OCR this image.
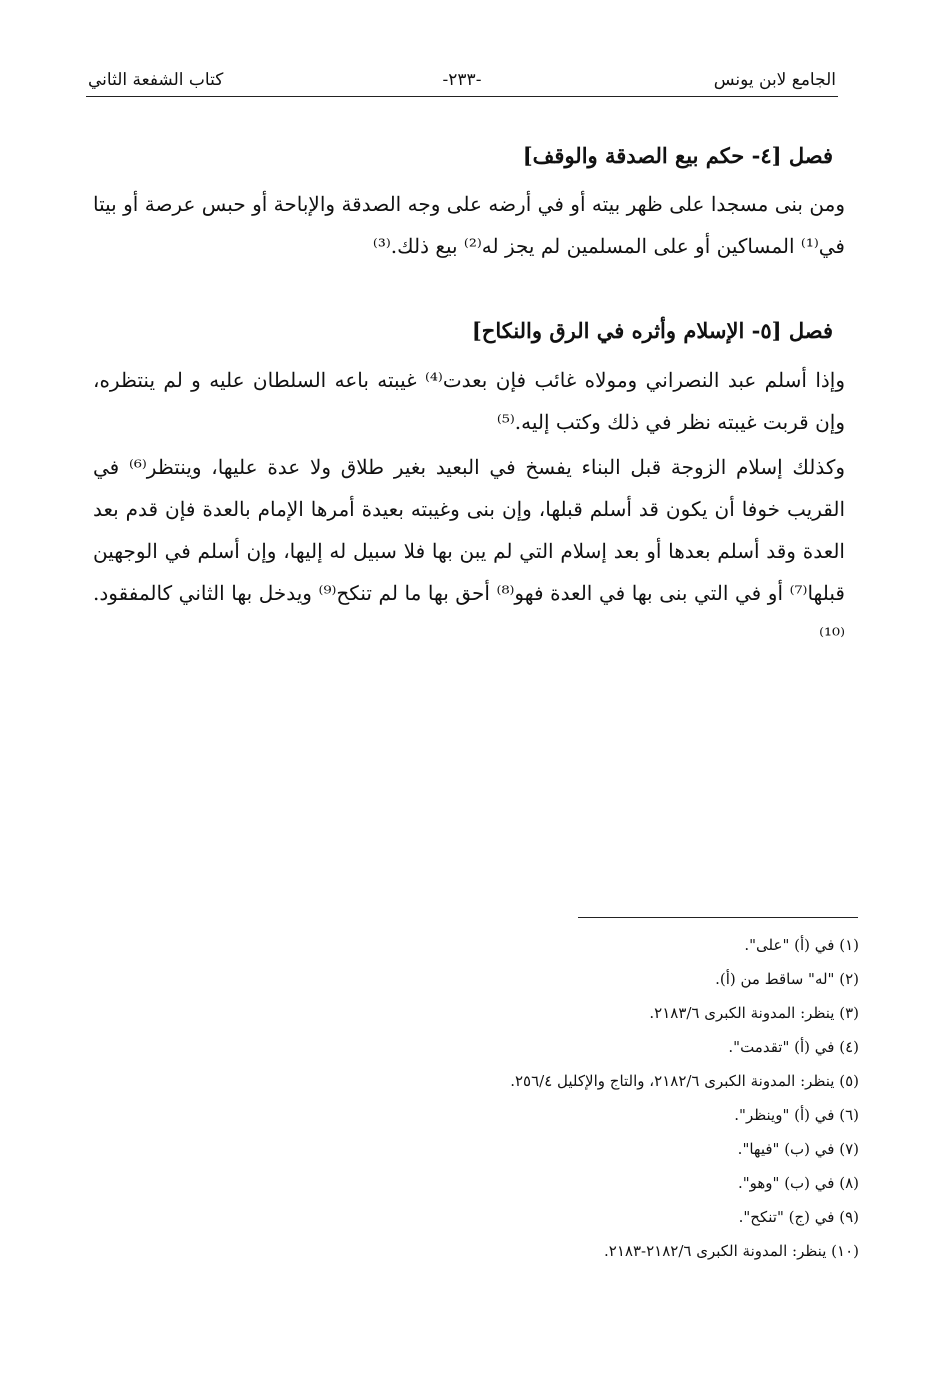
الجامع لابن يونس
-٢٣٣-
كتاب الشفعة الثاني
فصل [٤- حكم بيع الصدقة والوقف]

ومن بنى مسجدا على ظهر بيته أو في أرضه على وجه الصدقة والإباحة أو حبس عرصة أو بيتا في⁽¹⁾ المساكين أو على المسلمين لم يجز له⁽²⁾ بيع ذلك.⁽³⁾

فصل [٥- الإسلام وأثره في الرق والنكاح]

وإذا أسلم عبد النصراني ومولاه غائب فإن بعدت⁽⁴⁾ غيبته باعه السلطان عليه و لم ينتظره، وإن قربت غيبته نظر في ذلك وكتب إليه.⁽⁵⁾

وكذلك إسلام الزوجة قبل البناء يفسخ في البعيد بغير طلاق ولا عدة عليها، وينتظر⁽⁶⁾ في القريب خوفا أن يكون قد أسلم قبلها، وإن بنى وغيبته بعيدة أمرها الإمام بالعدة فإن قدم بعد العدة وقد أسلم بعدها أو بعد إسلام التي لم يبن بها فلا سبيل له إليها، وإن أسلم في الوجهين قبلها⁽⁷⁾ أو في التي بنى بها في العدة فهو⁽⁸⁾ أحق بها ما لم تنكح⁽⁹⁾ ويدخل بها الثاني كالمفقود.⁽¹⁰⁾

(١) في (أ) "على".
(٢) "له" ساقط من (أ).
(٣) ينظر: المدونة الكبرى ٢١٨٣/٦.
(٤) في (أ) "تقدمت".
(٥) ينظر: المدونة الكبرى ٢١٨٢/٦، والتاج والإكليل ٢٥٦/٤.
(٦) في (أ) "وينظر".
(٧) في (ب) "فيها".
(٨) في (ب) "وهو".
(٩) في (ج) "تنكح".
(١٠) ينظر: المدونة الكبرى ٢١٨٢/٦-٢١٨٣.
